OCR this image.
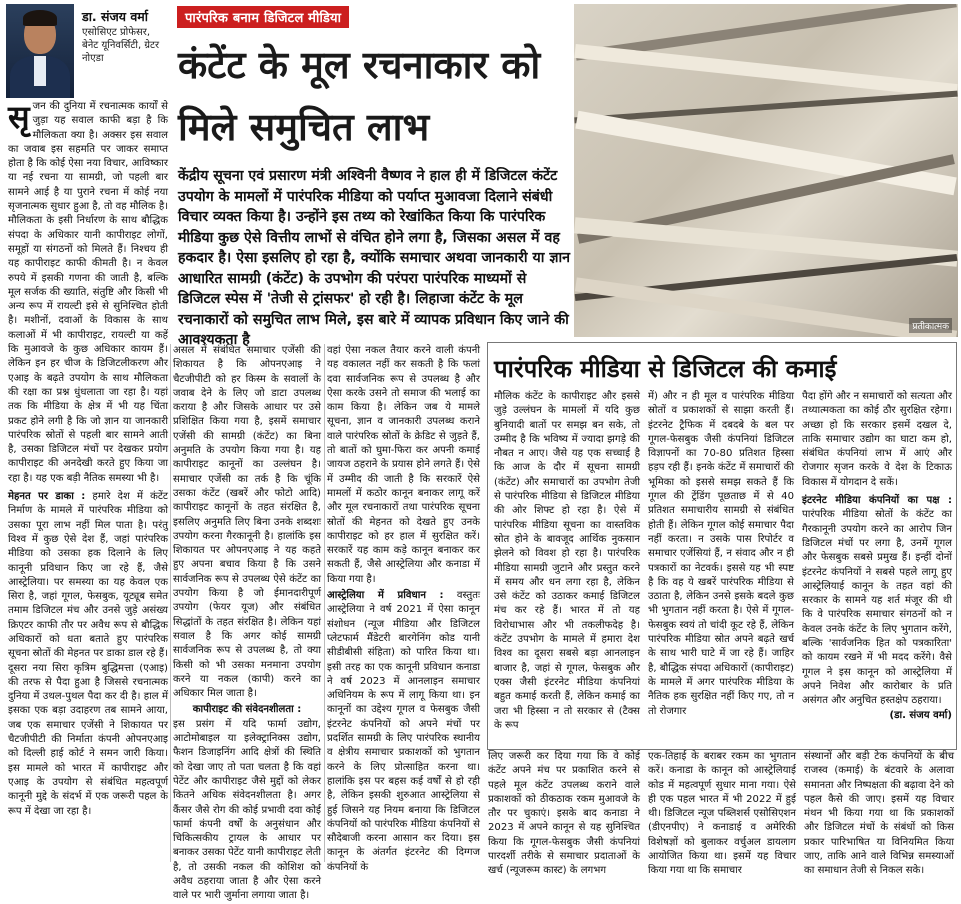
डा. संजय वर्मा
एसोसिएट प्रोफेसर, बेनेट यूनिवर्सिटी, ग्रेटर नोएडा
पारंपरिक बनाम डिजिटल मीडिया
कंटेंट के मूल रचनाकार को मिले समुचित लाभ
प्रतीकात्मक
केंद्रीय सूचना एवं प्रसारण मंत्री अश्विनी वैष्णव ने हाल ही में डिजिटल कंटेंट उपयोग के मामलों में पारंपरिक मीडिया को पर्याप्त मुआवजा दिलाने संबंधी विचार व्यक्त किया है। उन्होंने इस तथ्य को रेखांकित किया कि पारंपरिक मीडिया कुछ ऐसे वित्तीय लाभों से वंचित होने लगा है, जिसका असल में वह हकदार है। ऐसा इसलिए हो रहा है, क्योंकि समाचार अथवा जानकारी या ज्ञान आधारित सामग्री (कंटेंट) के उपभोग की परंपरा पारंपरिक माध्यमों से डिजिटल स्पेस में 'तेजी से ट्रांसफर' हो रही है। लिहाजा कंटेंट के मूल रचनाकारों को समुचित लाभ मिले, इस बारे में व्यापक प्रविधान किए जाने की आवश्यकता है
सृ जन की दुनिया में रचनात्मक कार्यों से जुड़ा यह सवाल काफी बड़ा है कि मौलिकता क्या है। अक्सर इस सवाल का जवाब इस सहमति पर जाकर समाप्त होता है कि कोई ऐसा नया विचार, आविष्कार या नई रचना या सामग्री, जो पहली बार सामने आई है या पुराने रचना में कोई नया सृजनात्मक सुधार हुआ है, तो वह मौलिक है। मौलिकता के इसी निर्धारण के साथ बौद्धिक संपदा के अधिकार यानी कापीराइट लोगों, समूहों या संगठनों को मिलते हैं। निश्चय ही यह कापीराइट काफी कीमती है। न केवल रुपये में इसकी गणना की जाती है, बल्कि मूल सर्जक की ख्याति, संतुष्टि और किसी भी अन्य रूप में रायल्टी इसे से सुनिश्चित होती है। मशीनों, दवाओं के विकास के साथ कलाओं में भी कापीराइट, रायल्टी या कहें कि मुआवजे के कुछ अधिकार कायम हैं। लेकिन इन हर चीज के डिजिटलीकरण और एआइ के बढ़ते उपयोग के साथ मौलिकता की रक्षा का प्रश्न धुंधलाता जा रहा है। यहां तक कि मीडिया के क्षेत्र में भी यह चिंता प्रकट होने लगी है कि जो ज्ञान या जानकारी पारंपरिक स्रोतों से पहली बार सामने आती है, उसका डिजिटल मंचों पर देखकर प्रयोग कापीराइट की अनदेखी करते हुए किया जा रहा है। यह एक बड़ी नैतिक समस्या भी है।

मेहनत पर डाका : हमारे देश में कंटेंट निर्माण के मामले में पारंपरिक मीडिया को उसका पूरा लाभ नहीं मिल पाता है। परंतु विश्व में कुछ ऐसे देश हैं, जहां पारंपरिक मीडिया को उसका हक दिलाने के लिए कानूनी प्रविधान किए जा रहे हैं, जैसे आस्ट्रेलिया। पर समस्या का यह केवल एक सिरा है, जहां गूगल, फेसबुक, यूट्यूब समेत तमाम डिजिटल मंच और उनसे जुड़े असंख्य क्रिएटर काफी तौर पर अवैध रूप से बौद्धिक अधिकारों को धता बताते हुए पारंपरिक सूचना स्रोतों की मेहनत पर डाका डाल रहे हैं। दूसरा नया सिरा कृत्रिम बुद्धिमत्ता (एआइ) की तरफ से पैदा हुआ है जिससे रचनात्मक दुनिया में उथल-पुथल पैदा कर दी है। हाल में इसका एक बड़ा उदाहरण तब सामने आया, जब एक समाचार एजेंसी ने शिकायत पर चैटजीपीटी की निर्माता कंपनी ओपनएआइ को दिल्ली हाई कोर्ट ने समन जारी किया। इस मामले को भारत में कापीराइट और एआइ के उपयोग से संबंधित महत्वपूर्ण कानूनी मुद्दे के संदर्भ में एक जरूरी पहल के रूप में देखा जा रहा है।

असल में संबंधित समाचार एजेंसी की शिकायत है कि ओपनएआइ ने चैटजीपीटी को हर किस्म के सवालों के जवाब देने के लिए जो डाटा उपलब्ध कराया है और जिसके आधार पर उसे प्रशिक्षित किया गया है, इसमें समाचार एजेंसी की सामग्री (कंटेंट) का बिना अनुमति के उपयोग किया गया है। यह कापीराइट कानूनों का उल्लंघन है। समाचार एजेंसी का तर्क है कि चूंकि उसका कंटेंट (खबरें और फोटो आदि) कापीराइट कानूनों के तहत संरक्षित है, इसलिए अनुमति लिए बिना उनके शब्दशः उपयोग करना गैरकानूनी है। हालांकि इस शिकायत पर ओपनएआइ ने यह कहते हुए अपना बचाव किया है कि उसने सार्वजनिक रूप से उपलब्ध ऐसे कंटेंट का उपयोग किया है जो ईमानदारीपूर्ण उपयोग (फेयर यूज) और संबंधित सिद्धांतों के तहत संरक्षित है। लेकिन यहां सवाल है कि अगर कोई सामग्री सार्वजनिक रूप से उपलब्ध है, तो क्या किसी को भी उसका मनमाना उपयोग करने या नकल (कापी) करने का अधिकार मिल जाता है।

कापीराइट की संवेदनशीलता :

इस प्रसंग में यदि फार्मा उद्योग, आटोमोबाइल या इलेक्ट्रानिक्स उद्योग, फैशन डिजाइनिंग आदि क्षेत्रों की स्थिति को देखा जाए तो पता चलता है कि वहां पेटेंट और कापीराइट जैसे मुद्दों को लेकर कितने अधिक संवेदनशीलता है। अगर कैंसर जैसे रोग की कोई प्रभावी दवा कोई फार्मा कंपनी वर्षों के अनुसंधान और चिकित्सकीय ट्रायल के आधार पर बनाकर उसका पेटेंट यानी कापीराइट लेती है, तो उसकी नकल की कोशिश को अवैध ठहराया जाता है और ऐसा करने वाले पर भारी जुर्माना लगाया जाता है।

वहां ऐसा नकल तैयार करने वाली कंपनी यह वकालत नहीं कर सकती है कि फलां दवा सार्वजनिक रूप से उपलब्ध है और ऐसा करके उसने तो समाज की भलाई का काम किया है। लेकिन जब ये मामले सूचना, ज्ञान व जानकारी उपलब्ध कराने वाले पारंपरिक स्रोतों के क्रेडिट से जुड़ते हैं, तो बातों को घुमा-फिरा कर अपनी कमाई जायज ठहराने के प्रयास होने लगते हैं। ऐसे में उम्मीद की जाती है कि सरकारें ऐसे मामलों में कठोर कानून बनाकर लागू करें और मूल रचनाकारों तथा पारंपरिक सूचना स्रोतों की मेहनत को देखते हुए उनके कापीराइट को हर हाल में सुरक्षित करें। सरकारें यह काम कड़े कानून बनाकर कर सकती हैं, जैसे आस्ट्रेलिया और कनाडा में किया गया है।

आस्ट्रेलिया में प्रविधान : वस्तुतः आस्ट्रेलिया ने वर्ष 2021 में ऐसा कानून संशोधन (न्यूज मीडिया और डिजिटल प्लेटफार्म मैंडेटरी बारगेनिंग कोड यानी सीडीबीसी संहिता) को पारित किया था। इसी तरह का एक कानूनी प्रविधान कनाडा ने वर्ष 2023 में आनलाइन समाचार अधिनियम के रूप में लागू किया था। इन कानूनों का उद्देश्य गूगल व फेसबुक जैसी इंटरनेट कंपनियों को अपने मंचों पर प्रदर्शित सामग्री के लिए पारंपरिक स्थानीय व क्षेत्रीय समाचार प्रकाशकों को भुगतान करने के लिए प्रोत्साहित करना था। हालांकि इस पर बहस कई वर्षों से हो रही है, लेकिन इसकी शुरुआत आस्ट्रेलिया से हुई जिसने यह नियम बनाया कि डिजिटल कंपनियों को पारंपरिक मीडिया कंपनियों से सौदेबाजी करना आसान कर दिया। इस कानून के अंतर्गत इंटरनेट की दिग्गज कंपनियों के

पारंपरिक मीडिया से डिजिटल की कमाई
मौलिक कंटेंट के कापीराइट और इससे जुड़े उल्लंघन के मामलों में यदि कुछ बुनियादी बातों पर समझ बन सके, तो उम्मीद है कि भविष्य में ज्यादा झगड़े की नौबत न आए। जैसे यह एक सच्चाई है कि आज के दौर में सूचना सामग्री (कंटेंट) और समाचारों का उपभोग तेजी से पारंपरिक मीडिया से डिजिटल मीडिया की ओर शिफ्ट हो रहा है। ऐसे में पारंपरिक मीडिया सूचना का वास्तविक स्रोत होने के बावजूद आर्थिक नुकसान झेलने को विवश हो रहा है। पारंपरिक मीडिया सामग्री जुटाने और प्रस्तुत करने में समय और धन लगा रहा है, लेकिन उसे कंटेंट को उठाकर कमाई डिजिटल मंच कर रहे हैं। भारत में तो यह विरोधाभास और भी तकलीफदेह है। कंटेंट उपभोग के मामले में हमारा देश विश्व का दूसरा सबसे बड़ा आनलाइन बाजार है, जहां से गूगल, फेसबुक और एक्स जैसी इंटरनेट मीडिया कंपनियां बहुत कमाई करती हैं, लेकिन कमाई का जरा भी हिस्सा न तो सरकार से (टैक्स के रूप
में) और न ही मूल व पारंपरिक मीडिया स्रोतों व प्रकाशकों से साझा करती हैं। इंटरनेट ट्रैफिक में दबदबे के बल पर गूगल-फेसबुक जैसी कंपनियां डिजिटल विज्ञापनों का 70-80 प्रतिशत हिस्सा हड़प रही हैं। इनके कंटेंट में समाचारों की भूमिका को इससे समझ सकते हैं कि गूगल की ट्रेंडिंग पूछताछ में से 40 प्रतिशत समाचारीय सामग्री से संबंधित होती हैं। लेकिन गूगल कोई समाचार पैदा नहीं करता। न उसके पास रिपोर्टर व समाचार एजेंसियां हैं, न संवाद और न ही पत्रकारों का नेटवर्क। इससे यह भी स्पष्ट है कि वह ये खबरें पारंपरिक मीडिया से उठाता है, लेकिन उनसे इसके बदले कुछ भी भुगतान नहीं करता है। ऐसे में गूगल-फेसबुक स्वयं तो चांदी कूट रहे हैं, लेकिन पारंपरिक मीडिया स्रोत अपने बढ़ते खर्च के साथ भारी घाटे में जा रहे हैं। जाहिर है, बौद्धिक संपदा अधिकारों (कापीराइट) के मामले में अगर पारंपरिक मीडिया के नैतिक हक सुरक्षित नहीं किए गए, तो न तो रोजगार

पैदा होंगे और न समाचारों को सत्यता और तथ्यात्मकता का कोई ठौर सुरक्षित रहेगा। अच्छा हो कि सरकार इसमें दखल दे, ताकि समाचार उद्योग का घाटा कम हो, संबंधित कंपनियां लाभ में आएं और रोजगार सृजन करके वे देश के टिकाऊ विकास में योगदान दे सकें।

इंटरनेट मीडिया कंपनियों का पक्ष : पारंपरिक मीडिया स्रोतों के कंटेंट का गैरकानूनी उपयोग करने का आरोप जिन डिजिटल मंचों पर लगा है, उनमें गूगल और फेसबुक सबसे प्रमुख हैं। इन्हीं दोनों इंटरनेट कंपनियों ने सबसे पहले लागू हुए आस्ट्रेलियाई कानून के तहत वहां की सरकार के सामने यह शर्त मंजूर की थी कि वे पारंपरिक समाचार संगठनों को न केवल उनके कंटेंट के लिए भुगतान करेंगे, बल्कि 'सार्वजनिक हित को पत्रकारिता' को कायम रखने में भी मदद करेंगे। वैसे गूगल ने इस कानून को आस्ट्रेलिया में अपने निवेश और कारोबार के प्रति असंगत और अनुचित हस्तक्षेप ठहराया।

(डा. संजय वर्मा)

लिए जरूरी कर दिया गया कि वे कोई कंटेंट अपने मंच पर प्रकाशित करने से पहले मूल कंटेंट उपलब्ध कराने वाले प्रकाशकों को ठीकठाक रकम मुआवजे के तौर पर चुकाएं। इसके बाद कनाडा ने 2023 में अपने कानून से यह सुनिश्चित किया कि गूगल-फेसबुक जैसी कंपनियां पारदर्शी तरीके से समाचार प्रदाताओं के खर्च (न्यूजरूम कास्ट) के लगभग
एक-तिहाई के बराबर रकम का भुगतान करें। कनाडा के कानून को आस्ट्रेलियाई कोड में महत्वपूर्ण सुधार माना गया। ऐसे ही एक पहल भारत में भी 2022 में हुई थी। डिजिटल न्यूज पब्लिशर्स एसोसिएशन (डीएनपीए) ने कनाडाई व अमेरिकी विशेषज्ञों को बुलाकर वर्चुअल डायलाग आयोजित किया था। इसमें यह विचार किया गया था कि समाचार
संस्थानों और बड़ी टेक कंपनियों के बीच राजस्व (कमाई) के बंटवारे के अलावा समानता और निष्पक्षता की बढ़ावा देने को पहल कैसे की जाए। इसमें यह विचार मंथन भी किया गया था कि प्रकाशकों और डिजिटल मंचों के संबंधों को किस प्रकार पारिभाषित या विनियमित किया जाए, ताकि आने वाले विभिन्न समस्याओं का समाधान तेजी से निकल सके।
